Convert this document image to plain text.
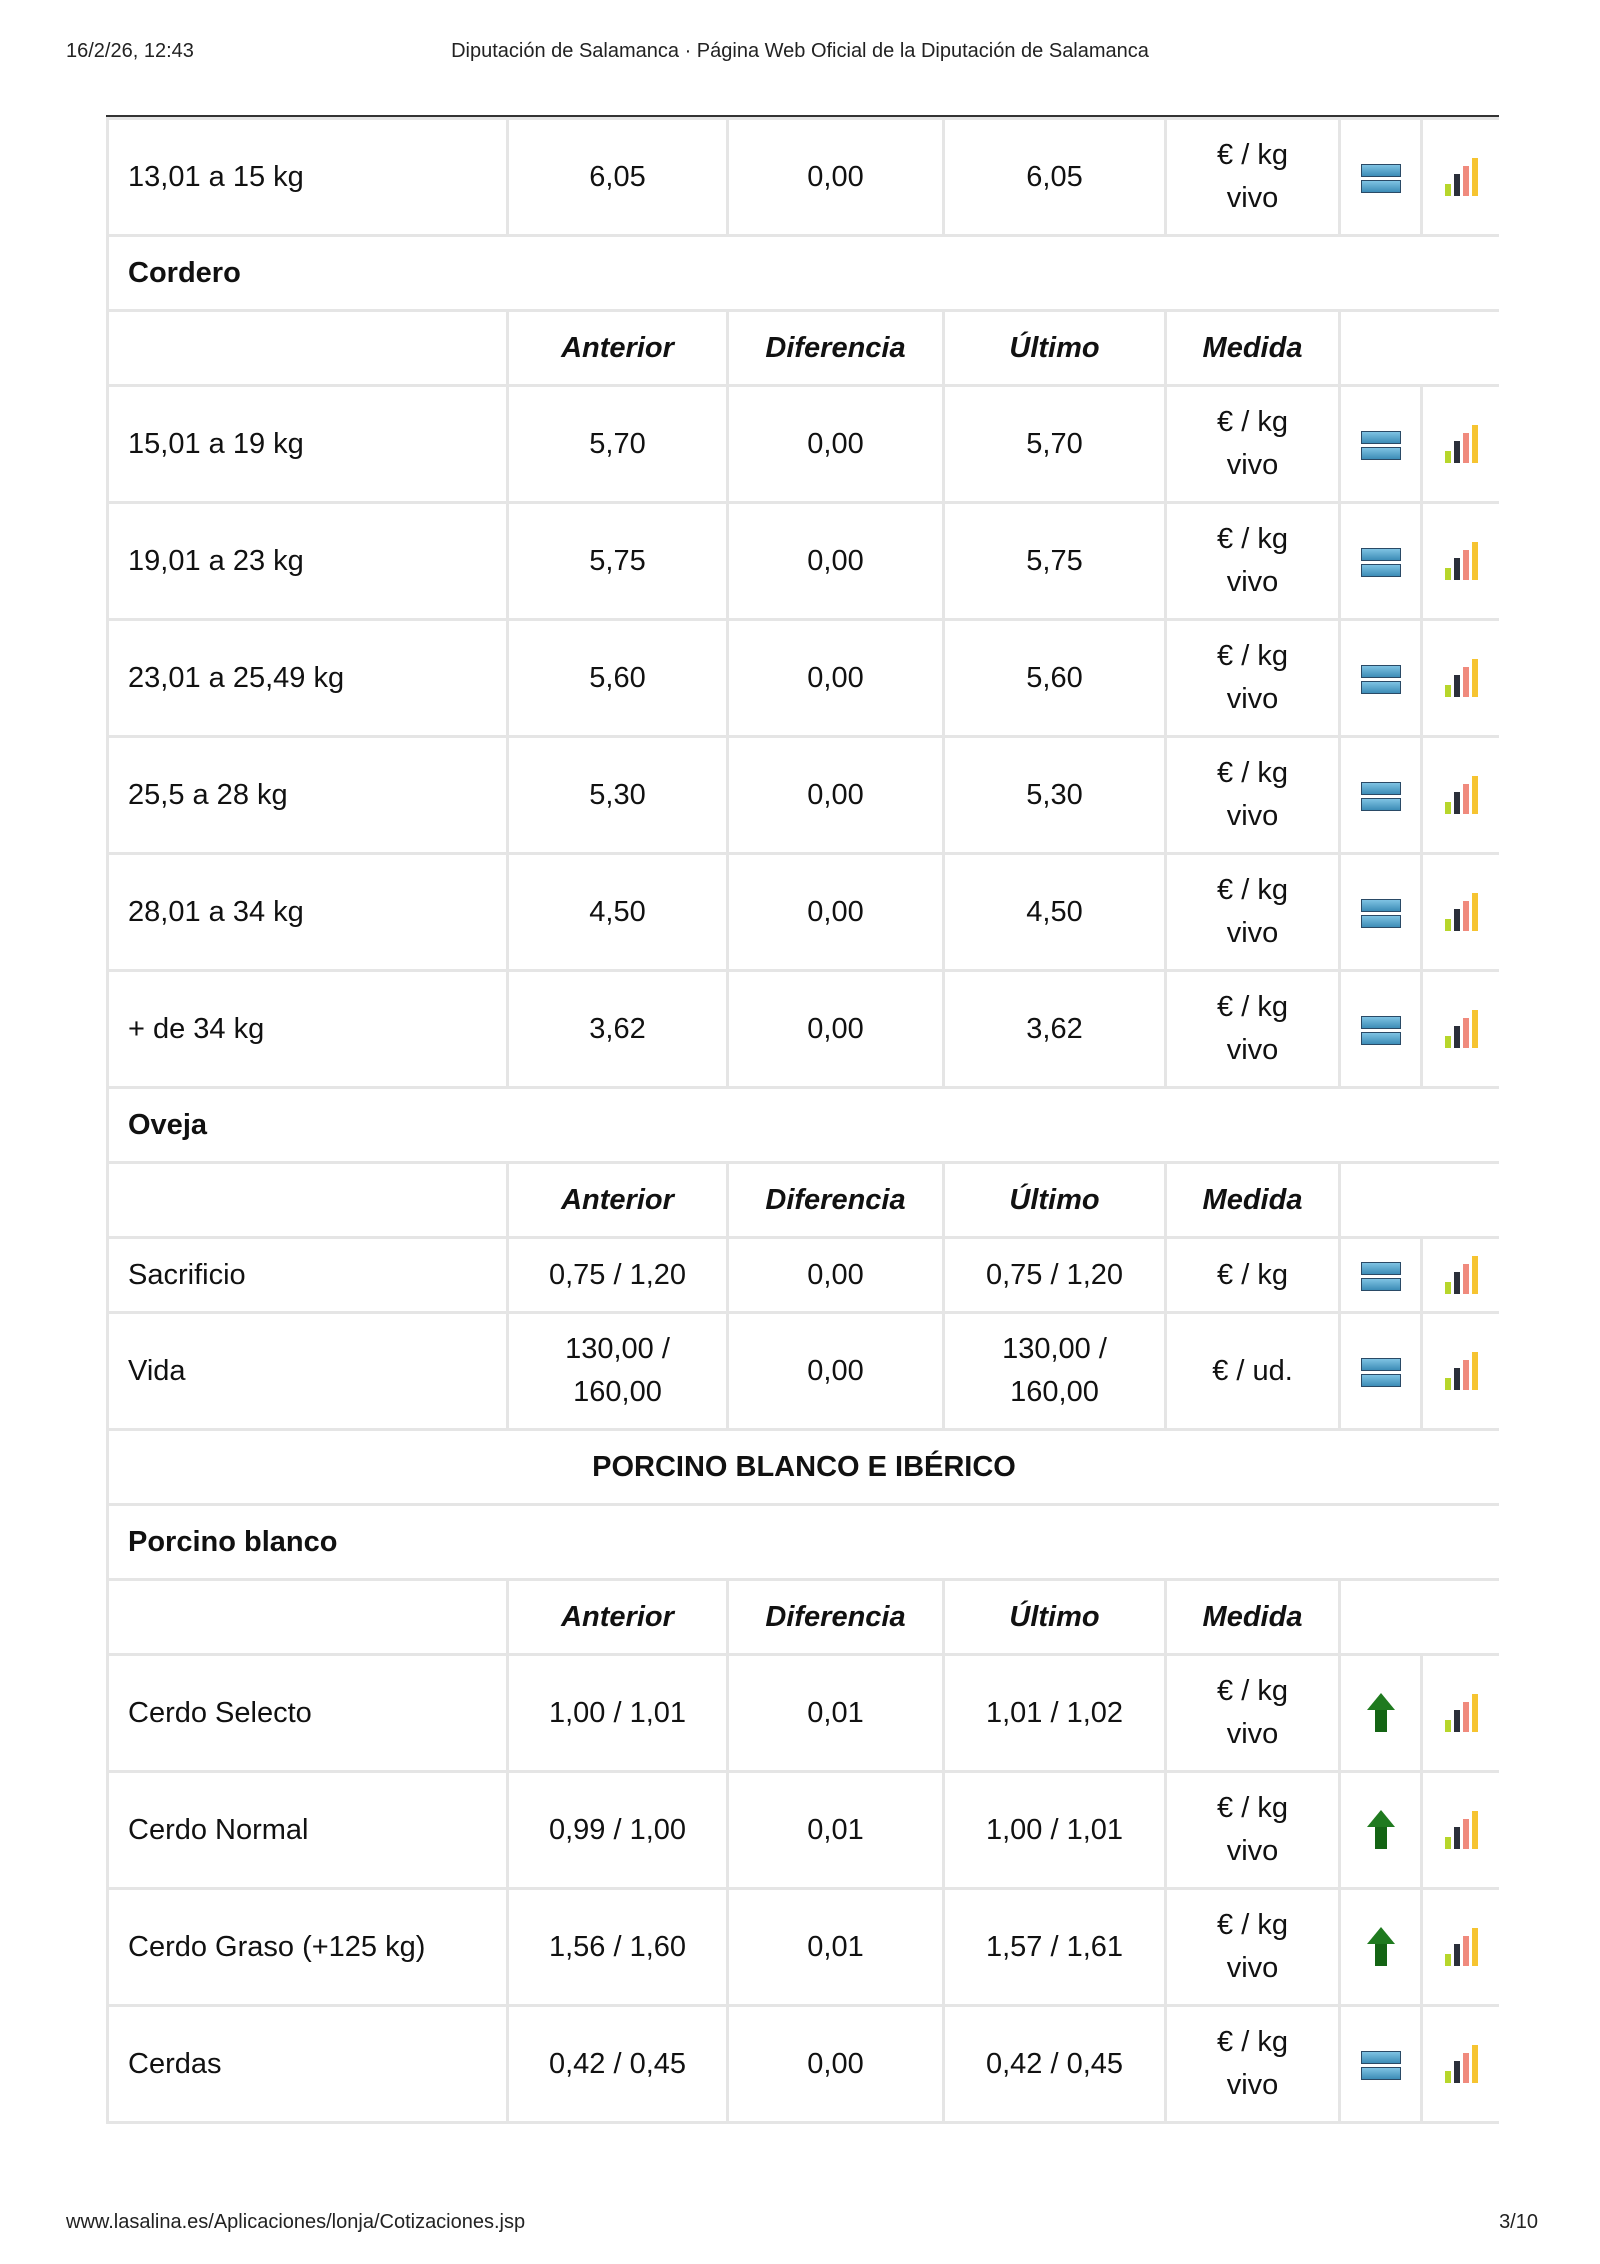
16/2/26, 12:43	Diputación de Salamanca · Página Web Oficial de la Diputación de Salamanca
13,01 a 15 kg	6,05	0,00	6,05	€ / kg
vivo	

Cordero						
	Anterior	Diferencia	Último	Medida		
15,01 a 19 kg	5,70	0,00	5,70	€ / kg
vivo	

19,01 a 23 kg	5,75	0,00	5,75	€ / kg
vivo	

23,01 a 25,49 kg	5,60	0,00	5,60	€ / kg
vivo	

25,5 a 28 kg	5,30	0,00	5,30	€ / kg
vivo	

28,01 a 34 kg	4,50	0,00	4,50	€ / kg
vivo	

+ de 34 kg	3,62	0,00	3,62	€ / kg
vivo	

Oveja						
	Anterior	Diferencia	Último	Medida		
Sacrificio	0,75 / 1,20	0,00	0,75 / 1,20	€ / kg	

Vida	130,00 /
160,00	0,00	130,00 /
160,00	€ / ud.	

PORCINO BLANCO E IBÉRICO						
Porcino blanco						
	Anterior	Diferencia	Último	Medida		
Cerdo Selecto	1,00 / 1,01	0,01	1,01 / 1,02	€ / kg
vivo	

Cerdo Normal	0,99 / 1,00	0,01	1,00 / 1,01	€ / kg
vivo	

Cerdo Graso (+125 kg)	1,56 / 1,60	0,01	1,57 / 1,61	€ / kg
vivo	

Cerdas	0,42 / 0,45	0,00	0,42 / 0,45	€ / kg
vivo	

www.lasalina.es/Aplicaciones/lonja/Cotizaciones.jsp	3/10
